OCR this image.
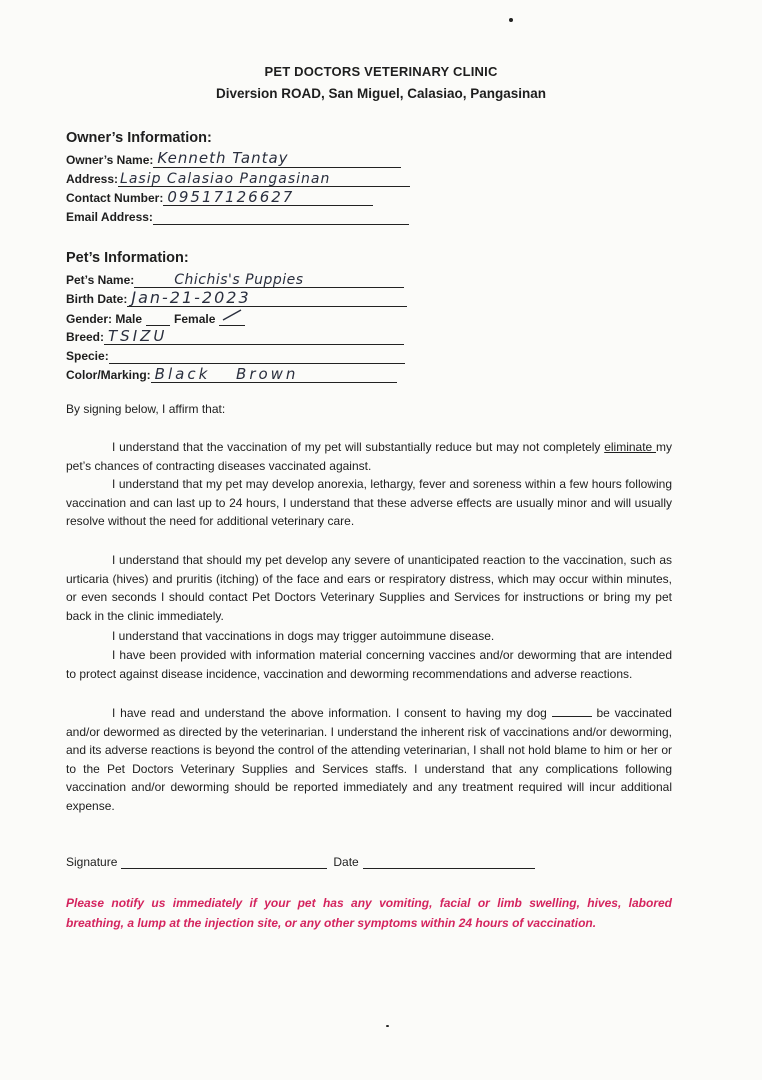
PET DOCTORS VETERINARY CLINIC
Diversion ROAD, San Miguel, Calasiao, Pangasinan
Owner’s Information:
Owner’s Name: Kenneth Tantay
Address: Lasip Calasiao Pangasinan
Contact Number: 09517126627
Email Address:
Pet’s Information:
Pet’s Name:	Chichis's Puppies
Birth Date: Jan-21-2023
Gender: Male	Female
Breed: TSIZU
Specie:
Color/Marking: Black Brown
By signing below, I affirm that:
I understand that the vaccination of my pet will substantially reduce but may not completely eliminate my pet’s chances of contracting diseases vaccinated against.
I understand that my pet may develop anorexia, lethargy, fever and soreness within a few hours following vaccination and can last up to 24 hours, I understand that these adverse effects are usually minor and will usually resolve without the need for additional veterinary care.
I understand that should my pet develop any severe of unanticipated reaction to the vaccination, such as urticaria (hives) and pruritis (itching) of the face and ears or respiratory distress, which may occur within minutes, or even seconds I should contact Pet Doctors Veterinary Supplies and Services for instructions or bring my pet back in the clinic immediately.
I understand that vaccinations in dogs may trigger autoimmune disease.
I have been provided with information material concerning vaccines and/or deworming that are intended to protect against disease incidence, vaccination and deworming recommendations and adverse reactions.
I have read and understand the above information. I consent to having my dog	be vaccinated and/or dewormed as directed by the veterinarian. I understand the inherent risk of vaccinations and/or deworming, and its adverse reactions is beyond the control of the attending veterinarian, I shall not hold blame to him or her or to the Pet Doctors Veterinary Supplies and Services staffs. I understand that any complications following vaccination and/or deworming should be reported immediately and any treatment required will incur additional expense.
Signature	Date
Please notify us immediately if your pet has any vomiting, facial or limb swelling, hives, labored breathing, a lump at the injection site, or any other symptoms within 24 hours of vaccination.
